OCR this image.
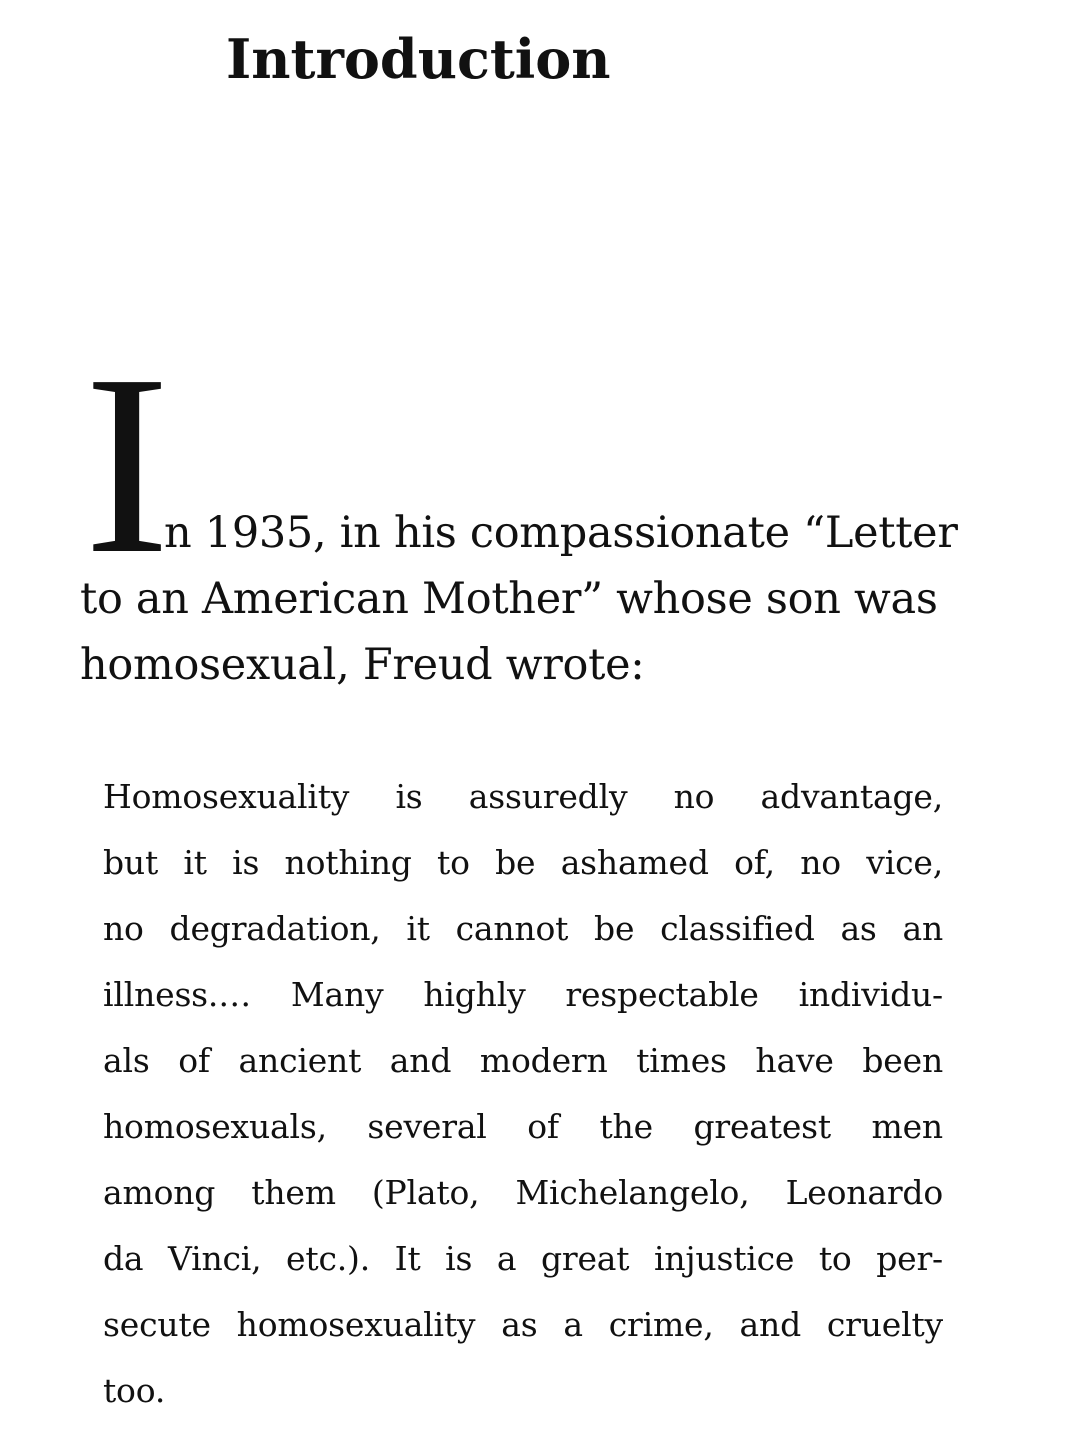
Introduction
I
n 1935, in his compassionate “Letter
to an American Mother” whose son was
homosexual, Freud wrote:
Homosexuality is assuredly no advantage,
but it is nothing to be ashamed of, no vice,
no degradation, it cannot be classified as an
illness.… Many highly respectable individu-
als of ancient and modern times have been
homosexuals, several of the greatest men
among them (Plato, Michelangelo, Leonardo
da Vinci, etc.). It is a great injustice to per-
secute homosexuality as a crime, and cruelty
too.
